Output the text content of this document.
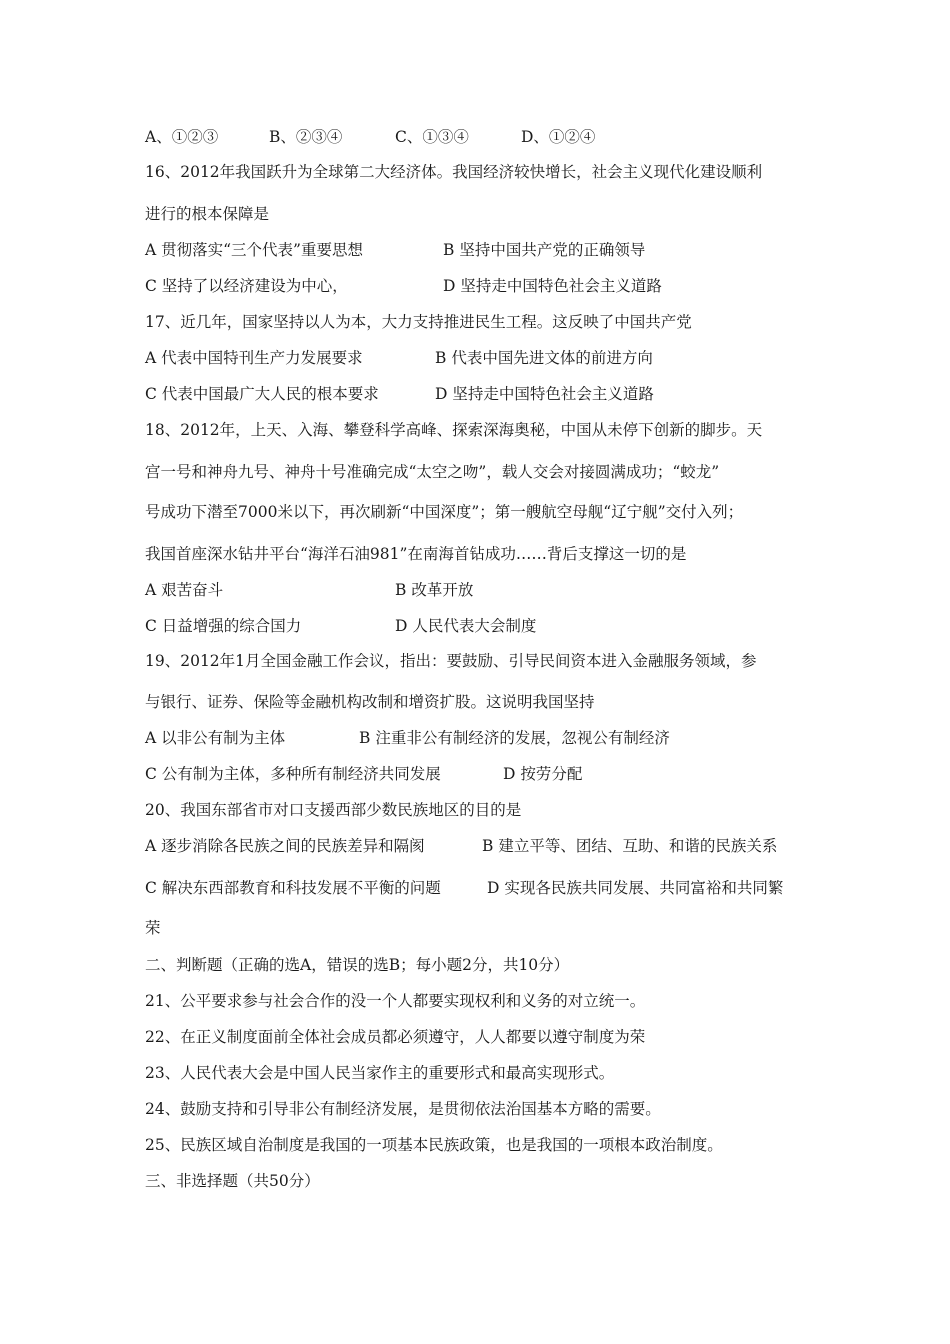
A、①②③	B、②③④	C、①③④	D、①②④
16、2012年我国跃升为全球第二大经济体。我国经济较快增长，社会主义现代化建设顺利
进行的根本保障是
A 贯彻落实“三个代表”重要思想	B 坚持中国共产党的正确领导
C 坚持了以经济建设为中心，	D 坚持走中国特色社会主义道路
17、近几年，国家坚持以人为本，大力支持推进民生工程。这反映了中国共产党
A 代表中国特刊生产力发展要求	B 代表中国先进文体的前进方向
C 代表中国最广大人民的根本要求	D 坚持走中国特色社会主义道路
18、2012年，上天、入海、攀登科学高峰、探索深海奥秘，中国从未停下创新的脚步。天
宫一号和神舟九号、神舟十号准确完成“太空之吻”，载人交会对接圆满成功；“蛟龙”
号成功下潜至7000米以下，再次刷新“中国深度”；第一艘航空母舰“辽宁舰”交付入列；
我国首座深水钻井平台“海洋石油981”在南海首钻成功……背后支撑这一切的是
A 艰苦奋斗	B 改革开放
C 日益增强的综合国力	D 人民代表大会制度
19、2012年1月全国金融工作会议，指出：要鼓励、引导民间资本进入金融服务领域，参
与银行、证券、保险等金融机构改制和增资扩股。这说明我国坚持
A 以非公有制为主体	B 注重非公有制经济的发展，忽视公有制经济
C 公有制为主体，多种所有制经济共同发展	D 按劳分配
20、我国东部省市对口支援西部少数民族地区的目的是
A 逐步消除各民族之间的民族差异和隔阂	B 建立平等、团结、互助、和谐的民族关系
C 解决东西部教育和科技发展不平衡的问题	D 实现各民族共同发展、共同富裕和共同繁
荣
二、判断题（正确的选A，错误的选B；每小题2分，共10分）
21、公平要求参与社会合作的没一个人都要实现权利和义务的对立统一。
22、在正义制度面前全体社会成员都必须遵守，人人都要以遵守制度为荣
23、人民代表大会是中国人民当家作主的重要形式和最高实现形式。
24、鼓励支持和引导非公有制经济发展，是贯彻依法治国基本方略的需要。
25、民族区域自治制度是我国的一项基本民族政策，也是我国的一项根本政治制度。
三、非选择题（共50分）
